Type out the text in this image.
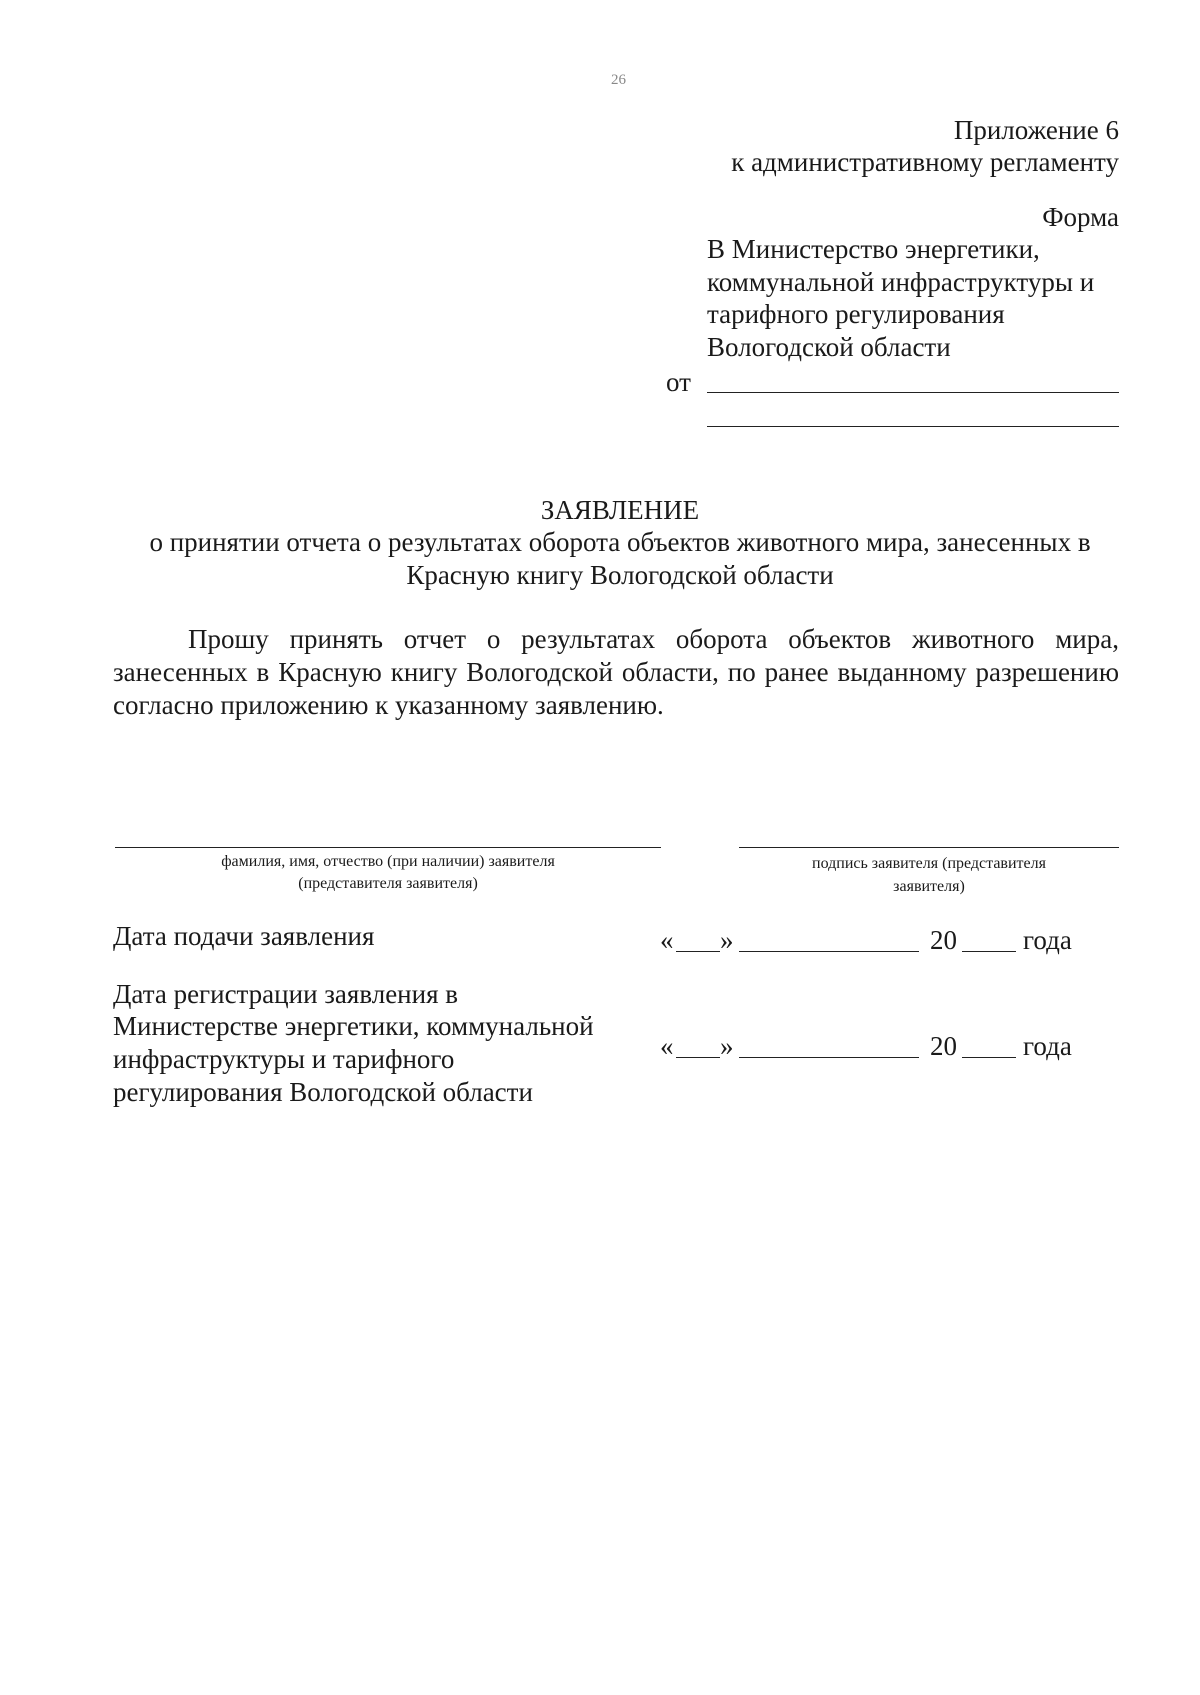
26
Приложение 6
к административному регламенту
Форма
В Министерство энергетики,
коммунальной инфраструктуры и
тарифного регулирования
Вологодской области
от
ЗАЯВЛЕНИЕ
о принятии отчета о результатах оборота объектов животного мира, занесенных в
Красную книгу Вологодской области
Прошу принять отчет о результатах оборота объектов животного мира, занесенных в Красную книгу Вологодской области, по ранее выданному разрешению согласно приложению к указанному заявлению.
фамилия, имя, отчество (при наличии) заявителя
(представителя заявителя)
подпись заявителя (представителя
заявителя)
Дата подачи заявления	« »	20 года
Дата регистрации заявления в
Министерстве энергетики, коммунальной
инфраструктуры и тарифного
регулирования Вологодской области
« »	20 года
